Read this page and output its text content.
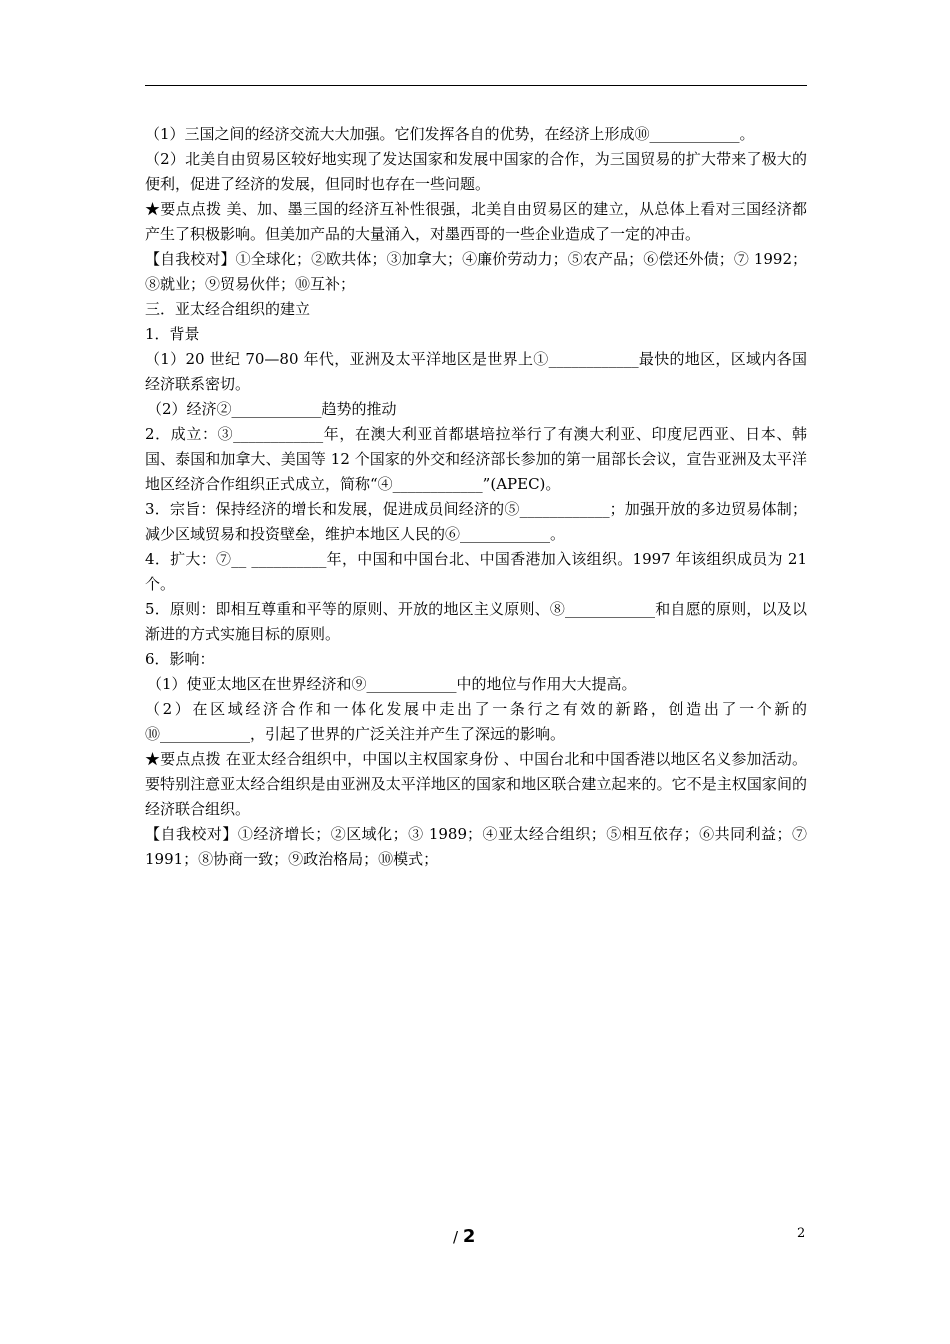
（1）三国之间的经济交流大大加强。它们发挥各自的优势，在经济上形成⑩____________。

（2）北美自由贸易区较好地实现了发达国家和发展中国家的合作，为三国贸易的扩大带来了极大的便利，促进了经济的发展，但同时也存在一些问题。

★要点点拨 美、加、墨三国的经济互补性很强，北美自由贸易区的建立，从总体上看对三国经济都产生了积极影响。但美加产品的大量涌入，对墨西哥的一些企业造成了一定的冲击。

【自我校对】①全球化；②欧共体；③加拿大；④廉价劳动力；⑤农产品；⑥偿还外债；⑦ 1992；⑧就业；⑨贸易伙伴；⑩互补；

三．亚太经合组织的建立

1．背景

（1）20 世纪 70—80 年代，亚洲及太平洋地区是世界上①____________最快的地区，区域内各国经济联系密切。

（2）经济②____________趋势的推动

2．成立：③____________年，在澳大利亚首都堪培拉举行了有澳大利亚、印度尼西亚、日本、韩国、泰国和加拿大、美国等 12 个国家的外交和经济部长参加的第一届部长会议，宣告亚洲及太平洋地区经济合作组织正式成立，简称“④____________”(APEC)。

3．宗旨：保持经济的增长和发展，促进成员间经济的⑤____________；加强开放的多边贸易体制；减少区域贸易和投资壁垒，维护本地区人民的⑥____________。

4．扩大：⑦__ __________年，中国和中国台北、中国香港加入该组织。1997 年该组织成员为 21 个。

5．原则：即相互尊重和平等的原则、开放的地区主义原则、⑧____________和自愿的原则，以及以渐进的方式实施目标的原则。

6．影响：

（1）使亚太地区在世界经济和⑨____________中的地位与作用大大提高。

（2）在区域经济合作和一体化发展中走出了一条行之有效的新路，创造出了一个新的⑩____________，引起了世界的广泛关注并产生了深远的影响。

★要点点拨 在亚太经合组织中，中国以主权国家身份 、中国台北和中国香港以地区名义参加活动。要特别注意亚太经合组织是由亚洲及太平洋地区的国家和地区联合建立起来的。它不是主权国家间的经济联合组织。

【自我校对】①经济增长；②区域化；③ 1989；④亚太经合组织；⑤相互依存；⑥共同利益；⑦ 1991；⑧协商一致；⑨政治格局；⑩模式；

/ 2	2
